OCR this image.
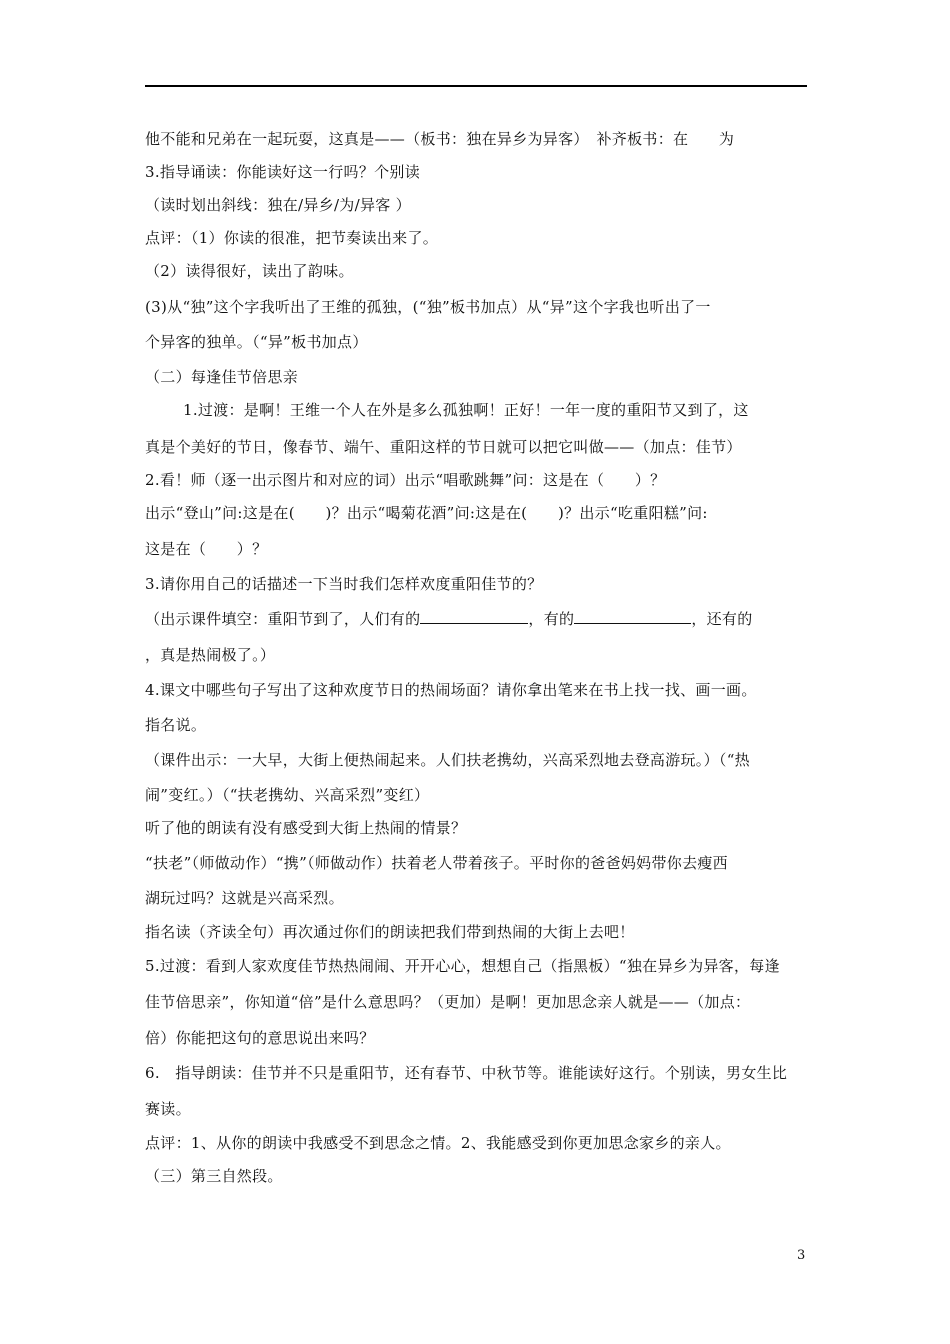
他不能和兄弟在一起玩耍，这真是——（板书：独在异乡为异客）　补齐板书：在　　为
3.指导诵读：你能读好这一行吗？个别读
（读时划出斜线：独在/异乡/为/异客 ）
点评：（1）你读的很准，把节奏读出来了。
（2）读得很好，读出了韵味。
(3)从“独”这个字我听出了王维的孤独，(“独”板书加点）从“异”这个字我也听出了一
个异客的独单。（“异”板书加点）
（二）每逢佳节倍思亲
1.过渡：是啊！王维一个人在外是多么孤独啊！正好！一年一度的重阳节又到了，这
真是个美好的节日，像春节、端午、重阳这样的节日就可以把它叫做——（加点：佳节）
2.看！师（逐一出示图片和对应的词）出示“唱歌跳舞”问：这是在（　　）？
出示“登山”问:这是在(　　)？出示“喝菊花酒”问:这是在(　　)？出示“吃重阳糕”问:
这是在（　　）？
3.请你用自己的话描述一下当时我们怎样欢度重阳佳节的？
（出示课件填空：重阳节到了，人们有的	，有的	，还有的
，真是热闹极了。）
4.课文中哪些句子写出了这种欢度节日的热闹场面？请你拿出笔来在书上找一找、画一画。
指名说。
（课件出示：一大早，大街上便热闹起来。人们扶老携幼，兴高采烈地去登高游玩。）（“热
闹”变红。）（“扶老携幼、兴高采烈”变红）
听了他的朗读有没有感受到大街上热闹的情景？
“扶老”（师做动作）“携”（师做动作）扶着老人带着孩子。平时你的爸爸妈妈带你去瘦西
湖玩过吗？这就是兴高采烈。
指名读（齐读全句）再次通过你们的朗读把我们带到热闹的大街上去吧！
5.过渡：看到人家欢度佳节热热闹闹、开开心心，想想自己（指黑板）“独在异乡为异客，每逢
佳节倍思亲”，你知道“倍”是什么意思吗？（更加）是啊！更加思念亲人就是——（加点：
倍）你能把这句的意思说出来吗？
6.　指导朗读：佳节并不只是重阳节，还有春节、中秋节等。谁能读好这行。个别读，男女生比
赛读。
点评：1、从你的朗读中我感受不到思念之情。2、我能感受到你更加思念家乡的亲人。
（三）第三自然段。
3
